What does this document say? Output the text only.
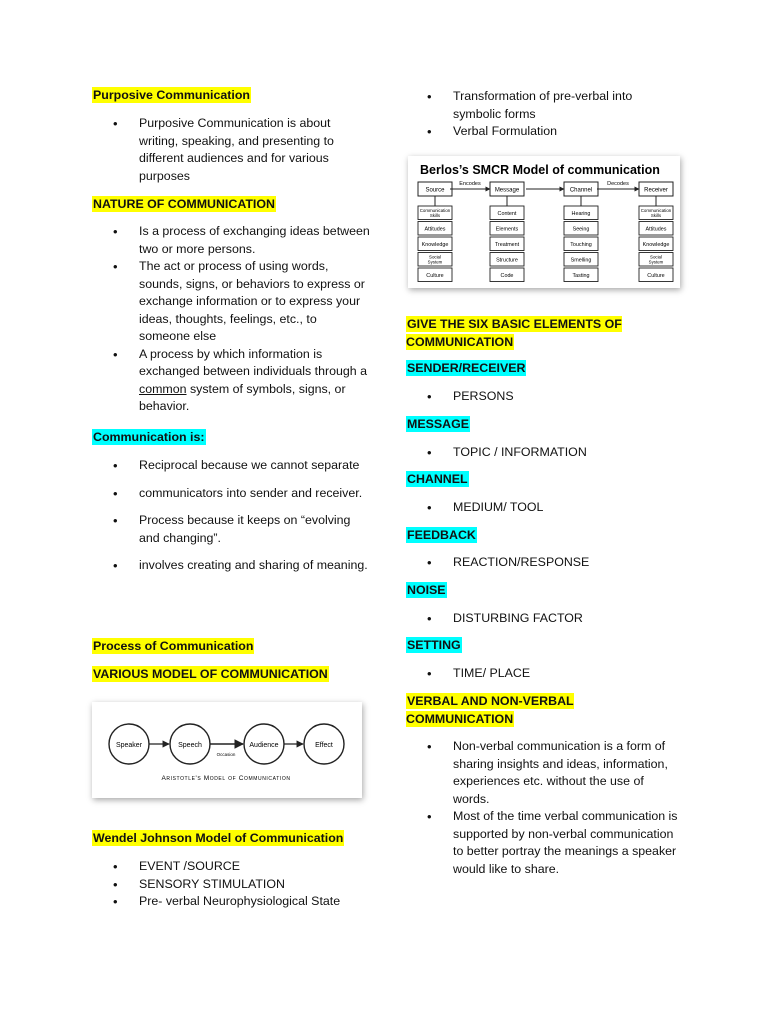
Purposive Communication
• Purposive Communication is about writing, speaking, and presenting to different audiences and for various purposes
NATURE OF COMMUNICATION
• Is a process of exchanging ideas between two or more persons.
• The act or process of using words, sounds, signs, or behaviors to express or exchange information or to express your ideas, thoughts, feelings, etc., to someone else
• A process by which information is exchanged between individuals through a common system of symbols, signs, or behavior.
Communication is:
• Reciprocal because we cannot separate
• communicators into sender and receiver.
• Process because it keeps on “evolving and changing”.
• involves creating and sharing of meaning.
Process of Communication
VARIOUS MODEL OF COMMUNICATION
Wendel Johnson Model of Communication
• EVENT /SOURCE
• SENSORY STIMULATION
• Pre- verbal Neurophysiological State
Speaker	Speech	Audience	Effect
Occasion
Aristotle's Model of Communication
• Transformation of pre-verbal into symbolic forms
• Verbal Formulation
GIVE THE SIX BASIC ELEMENTS OF COMMUNICATION
SENDER/RECEIVER
• PERSONS
MESSAGE
• TOPIC / INFORMATION
CHANNEL
• MEDIUM/ TOOL
FEEDBACK
• REACTION/RESPONSE
NOISE
• DISTURBING FACTOR
SETTING
• TIME/ PLACE
VERBAL AND NON-VERBAL COMMUNICATION
• Non-verbal communication is a form of sharing insights and ideas, information, experiences etc. without the use of words.
• Most of the time verbal communication is supported by non-verbal communication to better portray the meanings a speaker would like to share.
Berlos’s SMCR Model of communication
Source
Communication Skills
Attitudes
Knowledge
Social System
Culture
Message
Content
Elements
Treatment
Structure
Code
Channel
Hearing
Seeing
Touching
Smelling
Tasting
Receiver
Communication Skills
Attitudes
Knowledge
Social System
Culture
Encodes	Decodes
